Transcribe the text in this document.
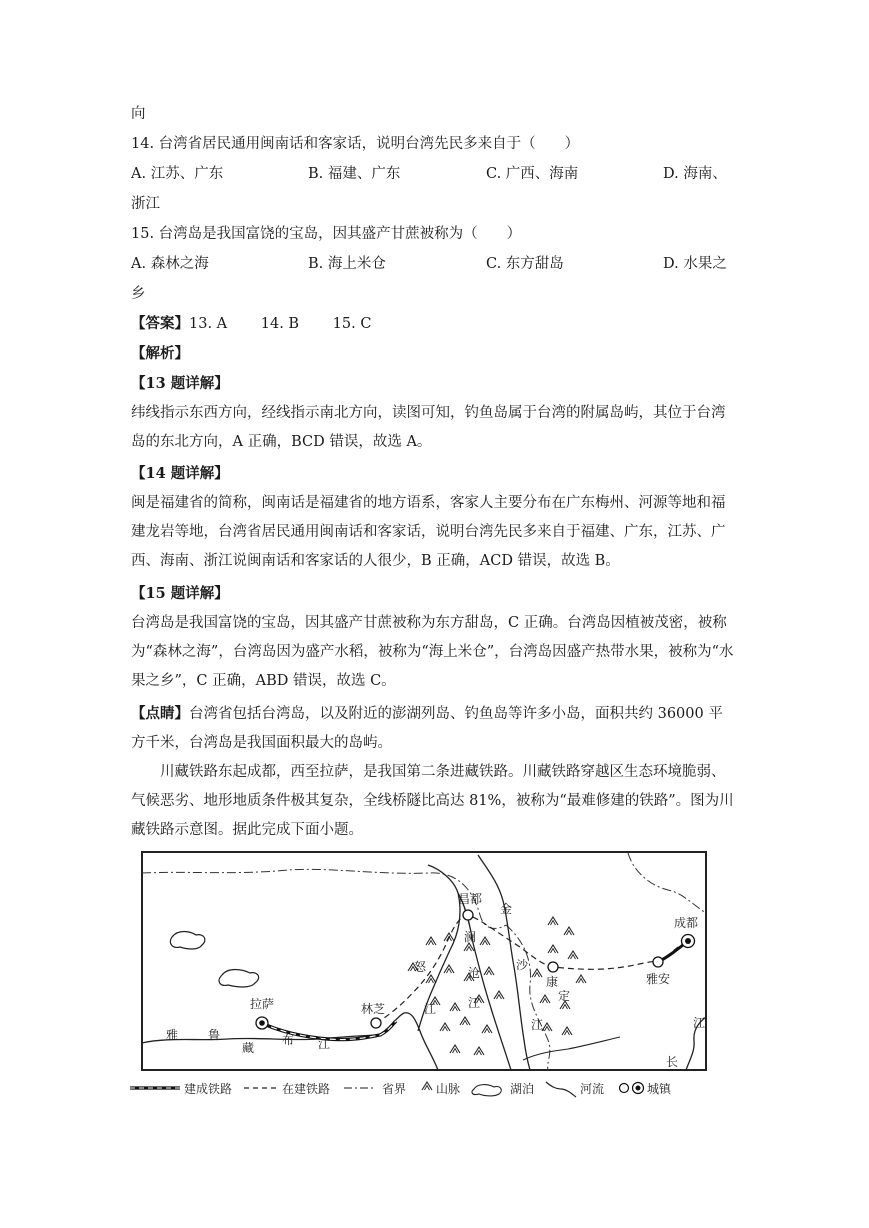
向
14. 台湾省居民通用闽南话和客家话，说明台湾先民多来自于（　　）
A. 江苏、广东	B. 福建、广东	C. 广西、海南	D. 海南、
浙江
15. 台湾岛是我国富饶的宝岛，因其盛产甘蔗被称为（　　）
A. 森林之海	B. 海上米仓	C. 东方甜岛	D. 水果之
乡
【答案】13. A　　 14. B　　 15. C
【解析】
【13 题详解】
纬线指示东西方向，经线指示南北方向，读图可知，钓鱼岛属于台湾的附属岛屿，其位于台湾岛的东北方向，A 正确，BCD 错误，故选 A。
【14 题详解】
闽是福建省的简称，闽南话是福建省的地方语系，客家人主要分布在广东梅州、河源等地和福建龙岩等地，台湾省居民通用闽南话和客家话，说明台湾先民多来自于福建、广东，江苏、广西、海南、浙江说闽南话和客家话的人很少，B 正确，ACD 错误，故选 B。
【15 题详解】
台湾岛是我国富饶的宝岛，因其盛产甘蔗被称为东方甜岛，C 正确。台湾岛因植被茂密，被称为“森林之海”，台湾岛因为盛产水稻，被称为“海上米仓”，台湾岛因盛产热带水果，被称为“水果之乡”，C 正确，ABD 错误，故选 C。
【点睛】台湾省包括台湾岛，以及附近的澎湖列岛、钓鱼岛等许多小岛，面积共约 36000 平方千米，台湾岛是我国面积最大的岛屿。
川藏铁路东起成都，西至拉萨，是我国第二条进藏铁路。川藏铁路穿越区生态环境脆弱、气候恶劣、地形地质条件极其复杂，全线桥隧比高达 81%，被称为“最难修建的铁路”。图为川藏铁路示意图。据此完成下面小题。
拉萨	林芝
昌都
康
定
雅安
成都
雅 鲁
藏
布 江
怒
江
澜
沧
江
金
沙
江
长
江
建成铁路	在建铁路	省界 山脉	湖泊	河流	城镇
